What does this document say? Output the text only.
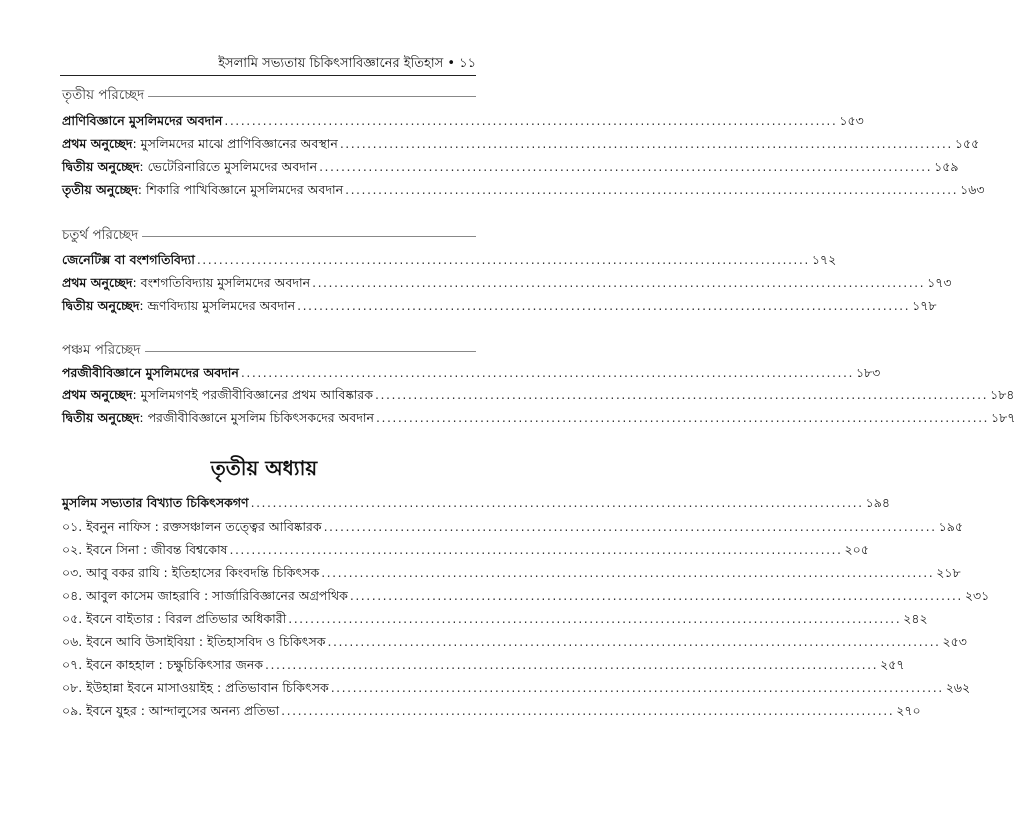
ইসলামি সভ্যতায় চিকিৎসাবিজ্ঞানের ইতিহাস • ১১
তৃতীয় পরিচ্ছেদ
প্রাণিবিজ্ঞানে মুসলিমদের অবদান ................................................................................................................ ১৫৩
প্রথম অনুচ্ছেদ : মুসলিমদের মাঝে প্রাণিবিজ্ঞানের অবস্থান ................................................................................................................ ১৫৫
দ্বিতীয় অনুচ্ছেদ : ভেটেরিনারিতে মুসলিমদের অবদান ................................................................................................................ ১৫৯
তৃতীয় অনুচ্ছেদ : শিকারি পাখিবিজ্ঞানে মুসলিমদের অবদান ................................................................................................................ ১৬৩
চতুর্থ পরিচ্ছেদ
জেনেটিক্স বা বংশগতিবিদ্যা ................................................................................................................ ১৭২
প্রথম অনুচ্ছেদ : বংশগতিবিদ্যায় মুসলিমদের অবদান ................................................................................................................ ১৭৩
দ্বিতীয় অনুচ্ছেদ : ভ্রূণবিদ্যায় মুসলিমদের অবদান ................................................................................................................ ১৭৮
পঞ্চম পরিচ্ছেদ
পরজীবীবিজ্ঞানে মুসলিমদের অবদান ................................................................................................................ ১৮৩
প্রথম অনুচ্ছেদ : মুসলিমগণই পরজীবীবিজ্ঞানের প্রথম আবিষ্কারক ................................................................................................................ ১৮৪
দ্বিতীয় অনুচ্ছেদ : পরজীবীবিজ্ঞানে মুসলিম চিকিৎসকদের অবদান ................................................................................................................ ১৮৭
তৃতীয় অধ্যায়
মুসলিম সভ্যতার বিখ্যাত চিকিৎসকগণ ................................................................................................................ ১৯৪
০১. ইবনুন নাফিস : রক্তসঞ্চালন তত্ত্বের আবিষ্কারক ................................................................................................................ ১৯৫
০২. ইবনে সিনা : জীবন্ত বিশ্বকোষ ................................................................................................................ ২০৫
০৩. আবু বকর রাযি : ইতিহাসের কিংবদন্তি চিকিৎসক ................................................................................................................ ২১৮
০৪. আবুল কাসেম জাহরাবি : সার্জারিবিজ্ঞানের অগ্রপথিক ................................................................................................................ ২৩১
০৫. ইবনে বাইতার : বিরল প্রতিভার অধিকারী ................................................................................................................ ২৪২
০৬. ইবনে আবি উসাইবিয়া : ইতিহাসবিদ ও চিকিৎসক ................................................................................................................ ২৫৩
০৭. ইবনে কাহহাল : চক্ষুচিকিৎসার জনক ................................................................................................................ ২৫৭
০৮. ইউহান্না ইবনে মাসাওয়াইহ : প্রতিভাবান চিকিৎসক ................................................................................................................ ২৬২
০৯. ইবনে যুহর : আন্দালুসের অনন্য প্রতিভা ................................................................................................................ ২৭০
